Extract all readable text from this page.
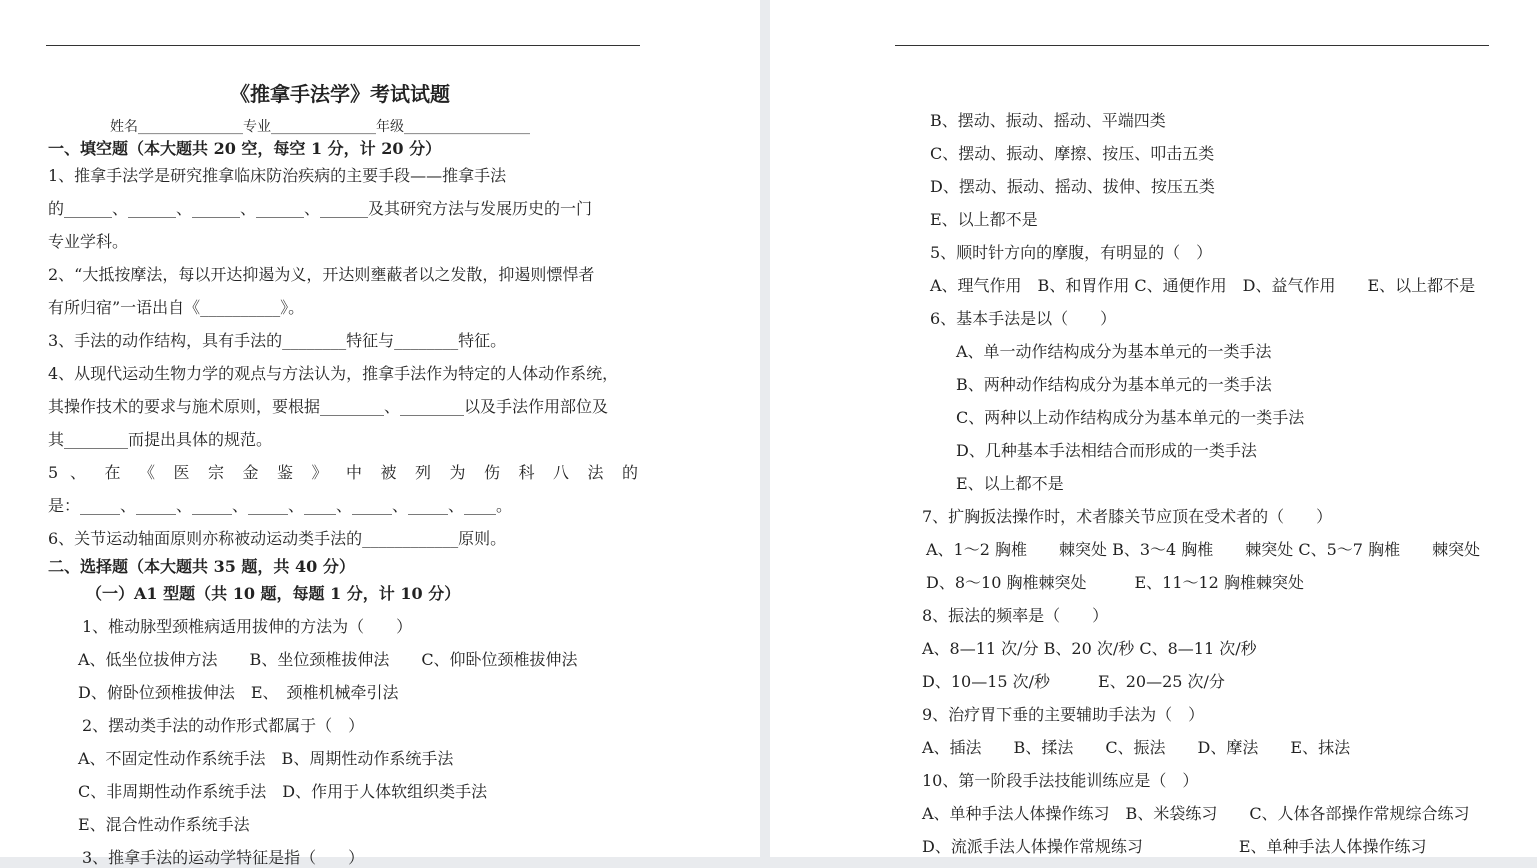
《推拿手法学》考试试题
姓名_______________专业_______________年级__________________
一、填空题（本大题共 20 空，每空 1 分，计 20 分）
1、推拿手法学是研究推拿临床防治疾病的主要手段——推拿手法
的______、______、______、______、______及其研究方法与发展历史的一门
专业学科。
2、“大抵按摩法，每以开达抑遏为义，开达则壅蔽者以之发散，抑遏则慓悍者
有所归宿”一语出自《__________》。
3、手法的动作结构，具有手法的________特征与________特征。
4、从现代运动生物力学的观点与方法认为，推拿手法作为特定的人体动作系统，
其操作技术的要求与施术原则，要根据________、________以及手法作用部位及
其________而提出具体的规范。
5 、 在 《 医 宗 金 鉴 》 中 被 列 为 伤 科 八 法 的
是：_____、_____、_____、_____、____、_____、_____、____。
6、关节运动轴面原则亦称被动运动类手法的____________原则。
二、选择题（本大题共 35 题，共 40 分）
（一）A1 型题（共 10 题，每题 1 分，计 10 分）
1、椎动脉型颈椎病适用拔伸的方法为（　　）
A、低坐位拔伸方法　　B、坐位颈椎拔伸法　　C、仰卧位颈椎拔伸法
D、俯卧位颈椎拔伸法　E、　颈椎机械牵引法
2、摆动类手法的动作形式都属于（　）
A、不固定性动作系统手法　B、周期性动作系统手法
C、非周期性动作系统手法　D、作用于人体软组织类手法
E、混合性动作系统手法
3、推拿手法的运动学特征是指（　　）
B、摆动、振动、摇动、平端四类
C、摆动、振动、摩擦、按压、叩击五类
D、摆动、振动、摇动、拔伸、按压五类
E、以上都不是
5、顺时针方向的摩腹，有明显的（　）
A、理气作用　B、和胃作用 C、通便作用　D、益气作用　　E、以上都不是
6、基本手法是以（　　）
A、单一动作结构成分为基本单元的一类手法
B、两种动作结构成分为基本单元的一类手法
C、两种以上动作结构成分为基本单元的一类手法
D、几种基本手法相结合而形成的一类手法
E、以上都不是
7、扩胸扳法操作时，术者膝关节应顶在受术者的（　　）
A、1～2 胸椎　　棘突处 B、3～4 胸椎　　棘突处 C、5～7 胸椎　　棘突处
D、8～10 胸椎棘突处　　　E、11～12 胸椎棘突处
8、振法的频率是（　　）
A、8—11 次/分 B、20 次/秒 C、8—11 次/秒
D、10—15 次/秒　　　E、20—25 次/分
9、治疗胃下垂的主要辅助手法为（　）
A、插法　　B、揉法　　C、振法　　D、摩法　　E、抹法
10、第一阶段手法技能训练应是（　）
A、单种手法人体操作练习　B、米袋练习　　C、人体各部操作常规综合练习
D、流派手法人体操作常规练习　　　　　　E、单种手法人体操作练习
